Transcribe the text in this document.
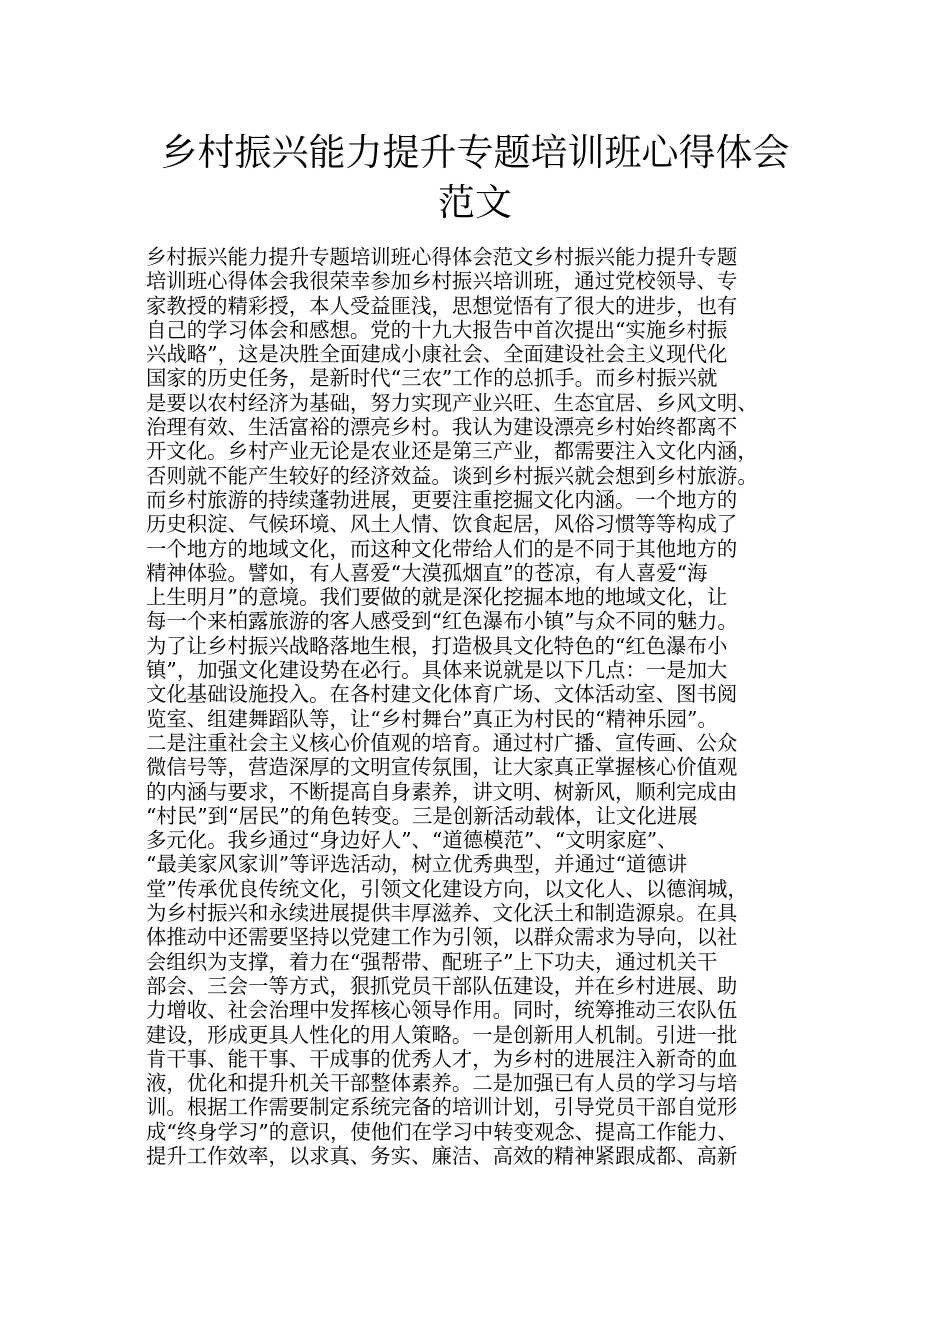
乡村振兴能力提升专题培训班心得体会
范文
乡村振兴能力提升专题培训班心得体会范文乡村振兴能力提升专题
培训班心得体会我很荣幸参加乡村振兴培训班，通过党校领导、专
家教授的精彩授，本人受益匪浅，思想觉悟有了很大的进步，也有
自己的学习体会和感想。党的十九大报告中首次提出“实施乡村振
兴战略”，这是决胜全面建成小康社会、全面建设社会主义现代化
国家的历史任务，是新时代“三农”工作的总抓手。而乡村振兴就
是要以农村经济为基础，努力实现产业兴旺、生态宜居、乡风文明、
治理有效、生活富裕的漂亮乡村。我认为建设漂亮乡村始终都离不
开文化。乡村产业无论是农业还是第三产业，都需要注入文化内涵，
否则就不能产生较好的经济效益。谈到乡村振兴就会想到乡村旅游。
而乡村旅游的持续蓬勃进展，更要注重挖掘文化内涵。一个地方的
历史积淀、气候环境、风土人情、饮食起居，风俗习惯等等构成了
一个地方的地域文化，而这种文化带给人们的是不同于其他地方的
精神体验。譬如，有人喜爱“大漠孤烟直”的苍凉，有人喜爱“海
上生明月”的意境。我们要做的就是深化挖掘本地的地域文化，让
每一个来柏露旅游的客人感受到“红色瀑布小镇”与众不同的魅力。
为了让乡村振兴战略落地生根，打造极具文化特色的“红色瀑布小
镇”，加强文化建设势在必行。具体来说就是以下几点：一是加大
文化基础设施投入。在各村建文化体育广场、文体活动室、图书阅
览室、组建舞蹈队等，让“乡村舞台”真正为村民的“精神乐园”。
二是注重社会主义核心价值观的培育。通过村广播、宣传画、公众
微信号等，营造深厚的文明宣传氛围，让大家真正掌握核心价值观
的内涵与要求，不断提高自身素养，讲文明、树新风，顺利完成由
“村民”到“居民”的角色转变。三是创新活动载体，让文化进展
多元化。我乡通过“身边好人”、“道德模范”、“文明家庭”、
“最美家风家训”等评选活动，树立优秀典型，并通过“道德讲
堂”传承优良传统文化，引领文化建设方向，以文化人、以德润城，
为乡村振兴和永续进展提供丰厚滋养、文化沃土和制造源泉。在具
体推动中还需要坚持以党建工作为引领，以群众需求为导向，以社
会组织为支撑，着力在“强帮带、配班子”上下功夫，通过机关干
部会、三会一等方式，狠抓党员干部队伍建设，并在乡村进展、助
力增收、社会治理中发挥核心领导作用。同时，统筹推动三农队伍
建设，形成更具人性化的用人策略。一是创新用人机制。引进一批
肯干事、能干事、干成事的优秀人才，为乡村的进展注入新奇的血
液，优化和提升机关干部整体素养。二是加强已有人员的学习与培
训。根据工作需要制定系统完备的培训计划，引导党员干部自觉形
成“终身学习”的意识，使他们在学习中转变观念、提高工作能力、
提升工作效率，以求真、务实、廉洁、高效的精神紧跟成都、高新
